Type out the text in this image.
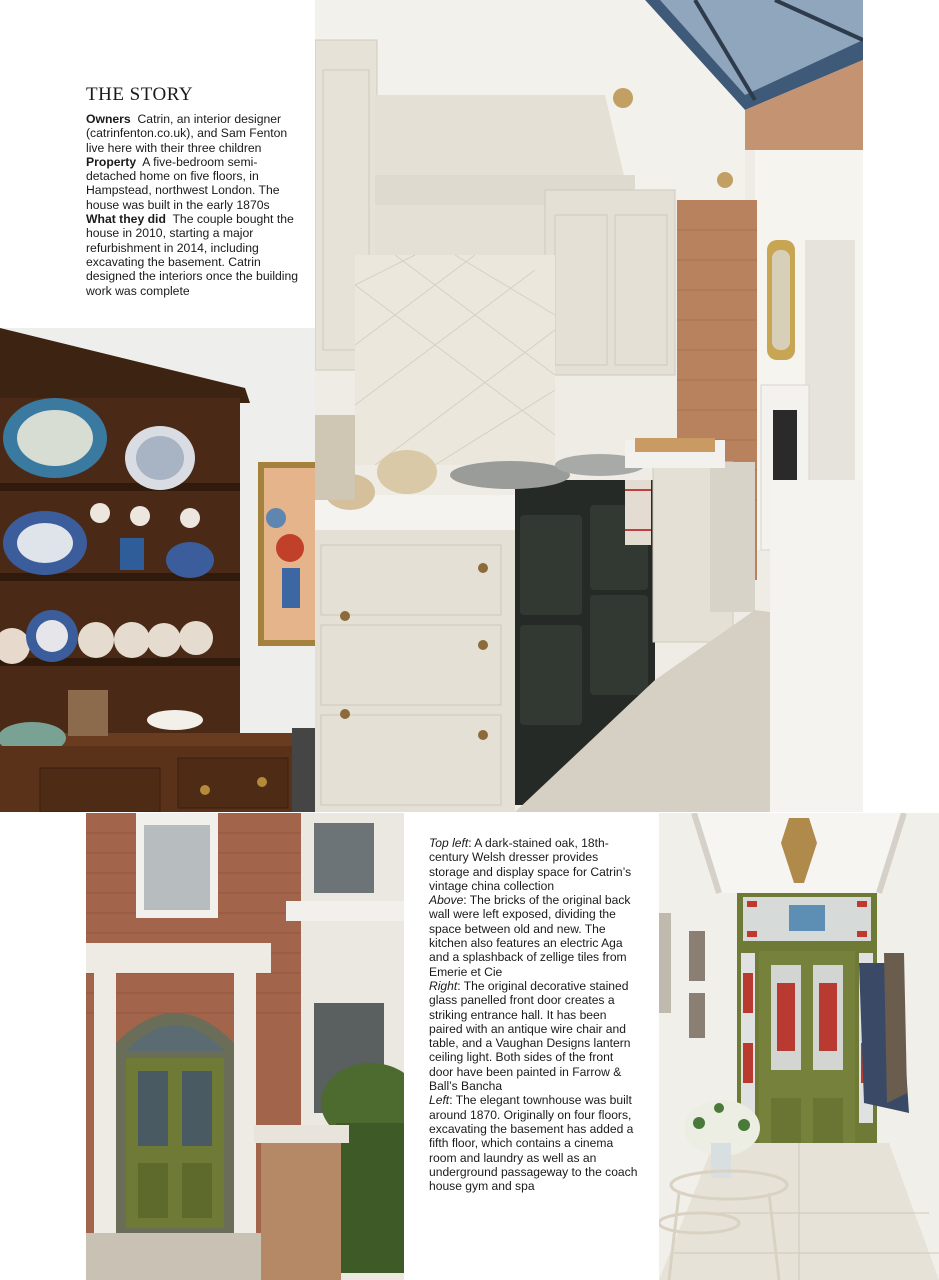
THE STORY

Owners Catrin, an interior designer (catrinfenton.co.uk), and Sam Fenton live here with their three children

Property A five-bedroom semi-detached home on five floors, in Hampstead, northwest London. The house was built in the early 1870s

What they did The couple bought the house in 2010, starting a major refurbishment in 2014, including excavating the basement. Catrin designed the interiors once the building work was complete

Top left: A dark-stained oak, 18th-century Welsh dresser provides storage and display space for Catrin’s vintage china collection

Above: The bricks of the original back wall were left exposed, dividing the space between old and new. The kitchen also features an electric Aga and a splashback of zellige tiles from Emerie et Cie

Right: The original decorative stained glass panelled front door creates a striking entrance hall. It has been paired with an antique wire chair and table, and a Vaughan Designs lantern ceiling light. Both sides of the front door have been painted in Farrow & Ball’s Bancha

Left: The elegant townhouse was built around 1870. Originally on four floors, excavating the basement has added a fifth floor, which contains a cinema room and laundry as well as an underground passageway to the coach house gym and spa
